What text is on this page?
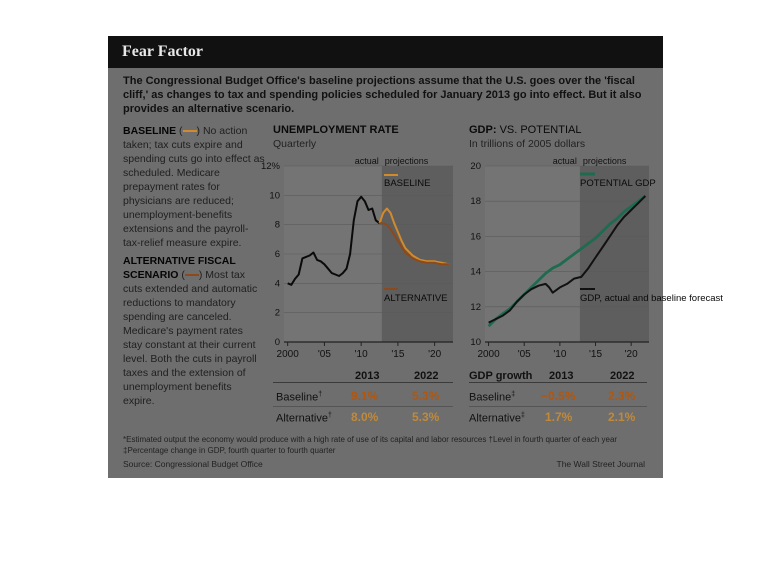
Fear Factor
The Congressional Budget Office's baseline projections assume that the U.S. goes over the 'fiscal cliff,' as changes to tax and spending policies scheduled for January 2013 go into effect. But it also provides an alternative scenario.
BASELINE ( ) No action taken; tax cuts expire and spending cuts go into effect as scheduled. Medicare prepayment rates for physicians are reduced; unemployment-benefits extensions and the payroll-tax-relief measure expire.
ALTERNATIVE FISCAL SCENARIO ( ) Most tax cuts extended and automatic reductions to mandatory spending are canceled. Medicare's payment rates stay constant at their current level. Both the cuts in payroll taxes and the extension of unemployment benefits expire.
UNEMPLOYMENT RATE
Quarterly
GDP: VS. POTENTIAL
In trillions of 2005 dollars
12%
10
8
6
4
2
0
2000 '05 '10 '15 '20
actual projections	20
18
16
14
12
10
2000 '05 '10 '15 '20
actual projections
BASELINE
ALTERNATIVE
POTENTIAL GDP
GDP, actual and baseline forecast
2013	2022
Baseline† 9.1%	5.3%
Alternative† 8.0%	5.3%
GDP growth 2013	2022
Baseline‡ −0.5%	2.3%
Alternative‡ 1.7%	2.1%
*Estimated output the economy would produce with a high rate of use of its capital and labor resources †Level in fourth quarter of each year
‡Percentage change in GDP, fourth quarter to fourth quarter
Source: Congressional Budget Office	The Wall Street Journal
